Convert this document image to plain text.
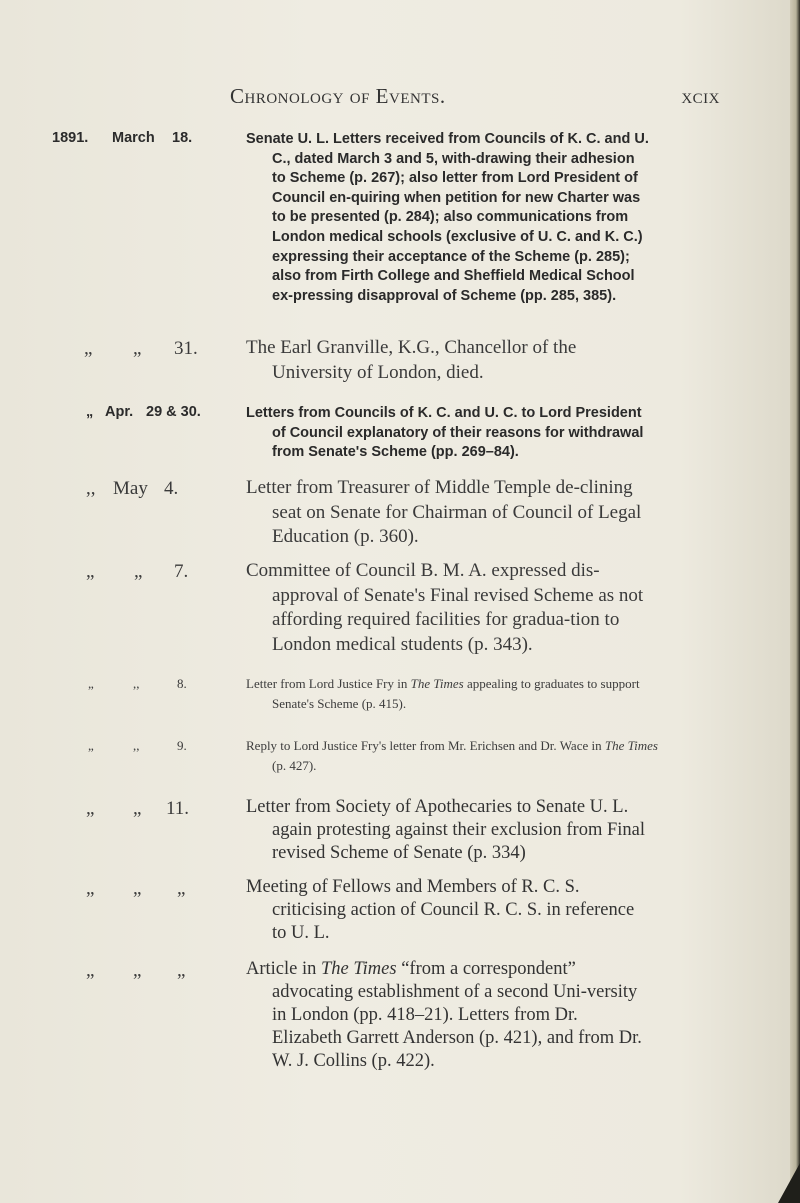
Chronology of Events.	xcix
1891. March 18.	Senate U. L. Letters received from Councils of K. C. and U. C., dated March 3 and 5, with-drawing their adhesion to Scheme (p. 267); also letter from Lord President of Council en-quiring when petition for new Charter was to be presented (p. 284); also communications from London medical schools (exclusive of U. C. and K. C.) expressing their acceptance of the Scheme (p. 285); also from Firth College and Sheffield Medical School ex-pressing disapproval of Scheme (pp. 285, 385).
„ „ 31.	The Earl Granville, K.G., Chancellor of the University of London, died.
„ Apr. 29 & 30.	Letters from Councils of K. C. and U. C. to Lord President of Council explanatory of their reasons for withdrawal from Senate's Scheme (pp. 269–84).
,, May 4.	Letter from Treasurer of Middle Temple de-clining seat on Senate for Chairman of Council of Legal Education (p. 360).
„ „ 7.	Committee of Council B. M. A. expressed dis-approval of Senate's Final revised Scheme as not affording required facilities for gradua-tion to London medical students (p. 343).
„	,,	8.	Letter from Lord Justice Fry in The Times appealing to graduates to support Senate's Scheme (p. 415).
„	,,	9.	Reply to Lord Justice Fry's letter from Mr. Erichsen and Dr. Wace in The Times (p. 427).
„ „ 11.	Letter from Society of Apothecaries to Senate U. L. again protesting against their exclusion from Final revised Scheme of Senate (p. 334)
„ „ „	Meeting of Fellows and Members of R. C. S. criticising action of Council R. C. S. in reference to U. L.
„ „ „	Article in The Times “from a correspondent” advocating establishment of a second Uni-versity in London (pp. 418–21). Letters from Dr. Elizabeth Garrett Anderson (p. 421), and from Dr. W. J. Collins (p. 422).
